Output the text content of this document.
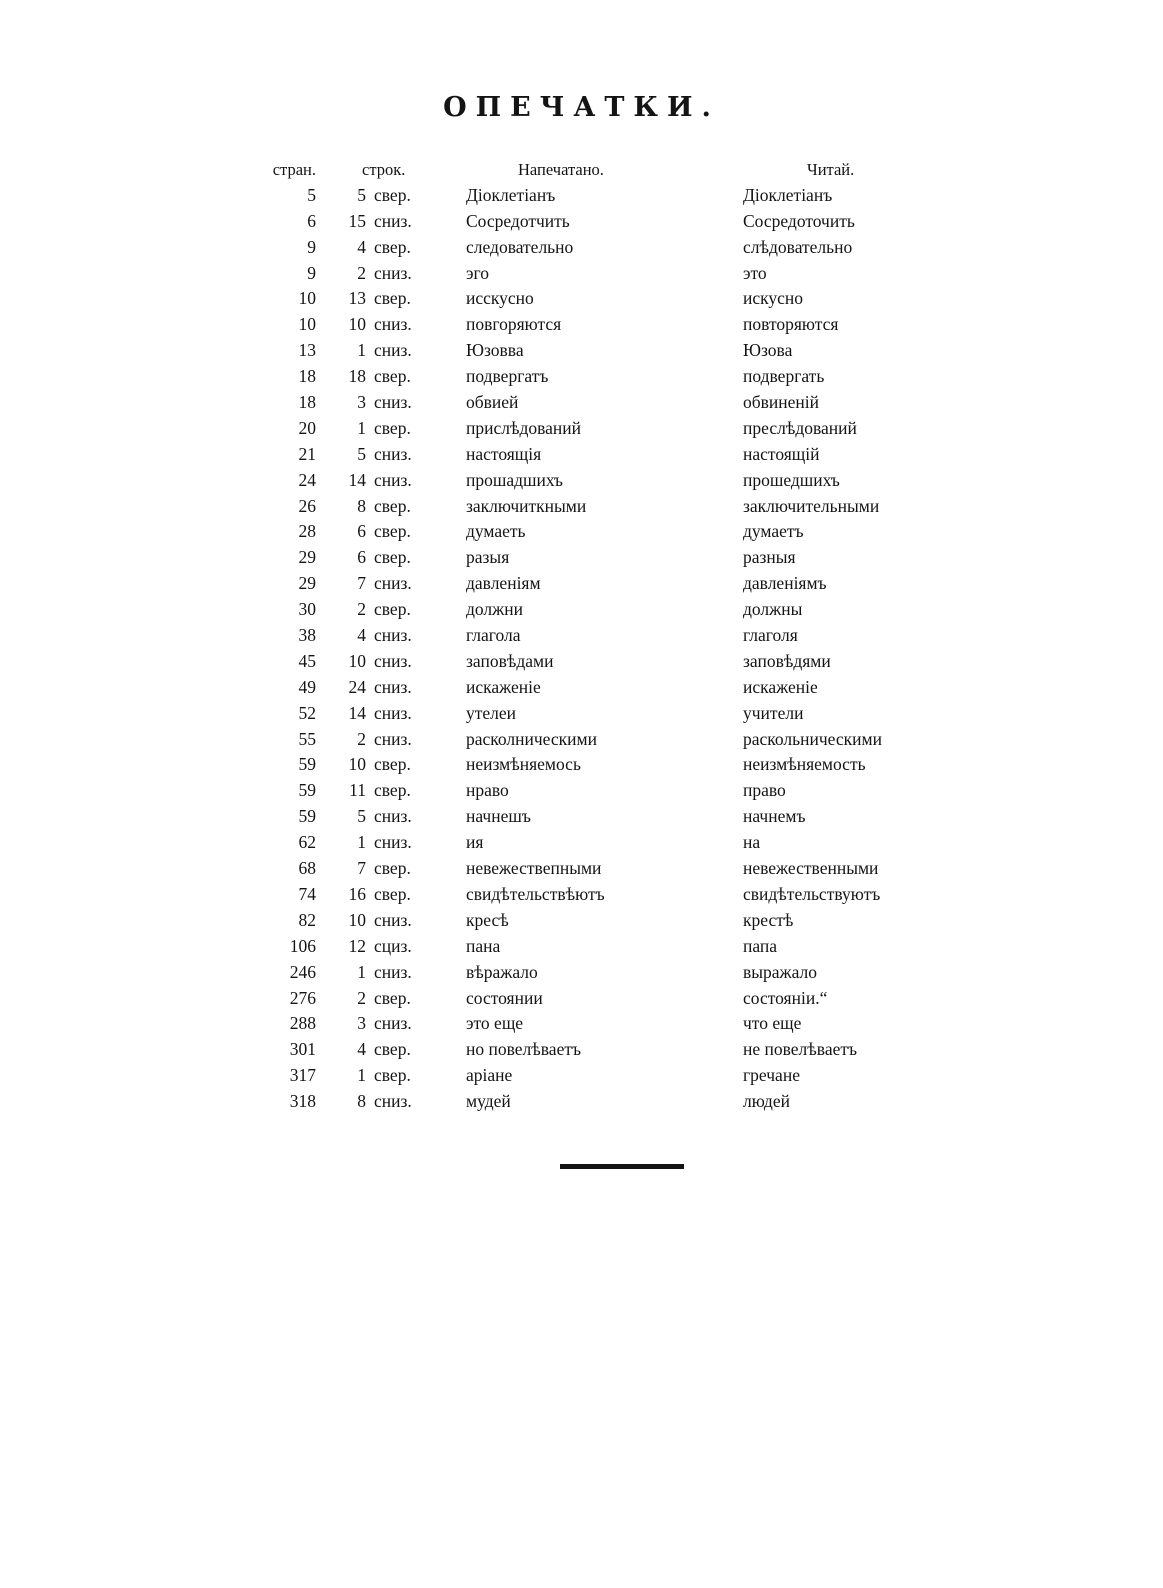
ОПЕЧАТКИ.
стран.	строк.	Напечатано.	Читай.
5	5 свер.	Діоклетіанъ	Діоклетіанъ
6	15 сниз.	Сосредотчить	Сосредоточить
9	4 свер.	следовательно	слѣдовательно
9	2 сниз.	эго	это
10	13 свер.	исскусно	искусно
10	10 сниз.	повгоряются	повторяются
13	1 сниз.	Юзовва	Юзова
18	18 свер.	подвергатъ	подвергать
18	3 сниз.	обвией	обвиненій
20	1 свер.	прислѣдований	преслѣдований
21	5 сниз.	настоящія	настоящій
24	14 сниз.	прошадшихъ	прошедшихъ
26	8 свер.	заключиткными	заключительными
28	6 свер.	думаеть	думаетъ
29	6 свер.	разыя	разныя
29	7 сниз.	давленіям	давленіямъ
30	2 свер.	должни	должны
38	4 сниз.	глагола	глаголя
45	10 сниз.	заповѣдами	заповѣдями
49	24 сниз.	искаженіе	искаженіе
52	14 сниз.	утелеи	учители
55	2 сниз.	расколническими	раскольническими
59	10 свер.	неизмѣняемось	неизмѣняемость
59	11 свер.	нраво	право
59	5 сниз.	начнешъ	начнемъ
62	1 сниз.	ия	на
68	7 свер.	невежествепными	невежественными
74	16 свер.	свидѣтельствѣютъ	свидѣтельствуютъ
82	10 сниз.	кресѣ	крестѣ
106	12 сциз.	пана	папа
246	1 сниз.	вѣражало	выражало
276	2 свер.	состоянии	состояніи.“
288	3 сниз.	это еще	что еще
301	4 свер.	но повелѣваетъ	не повелѣваетъ
317	1 свер.	аріане	гречане
318	8 сниз.	мудей	людей
